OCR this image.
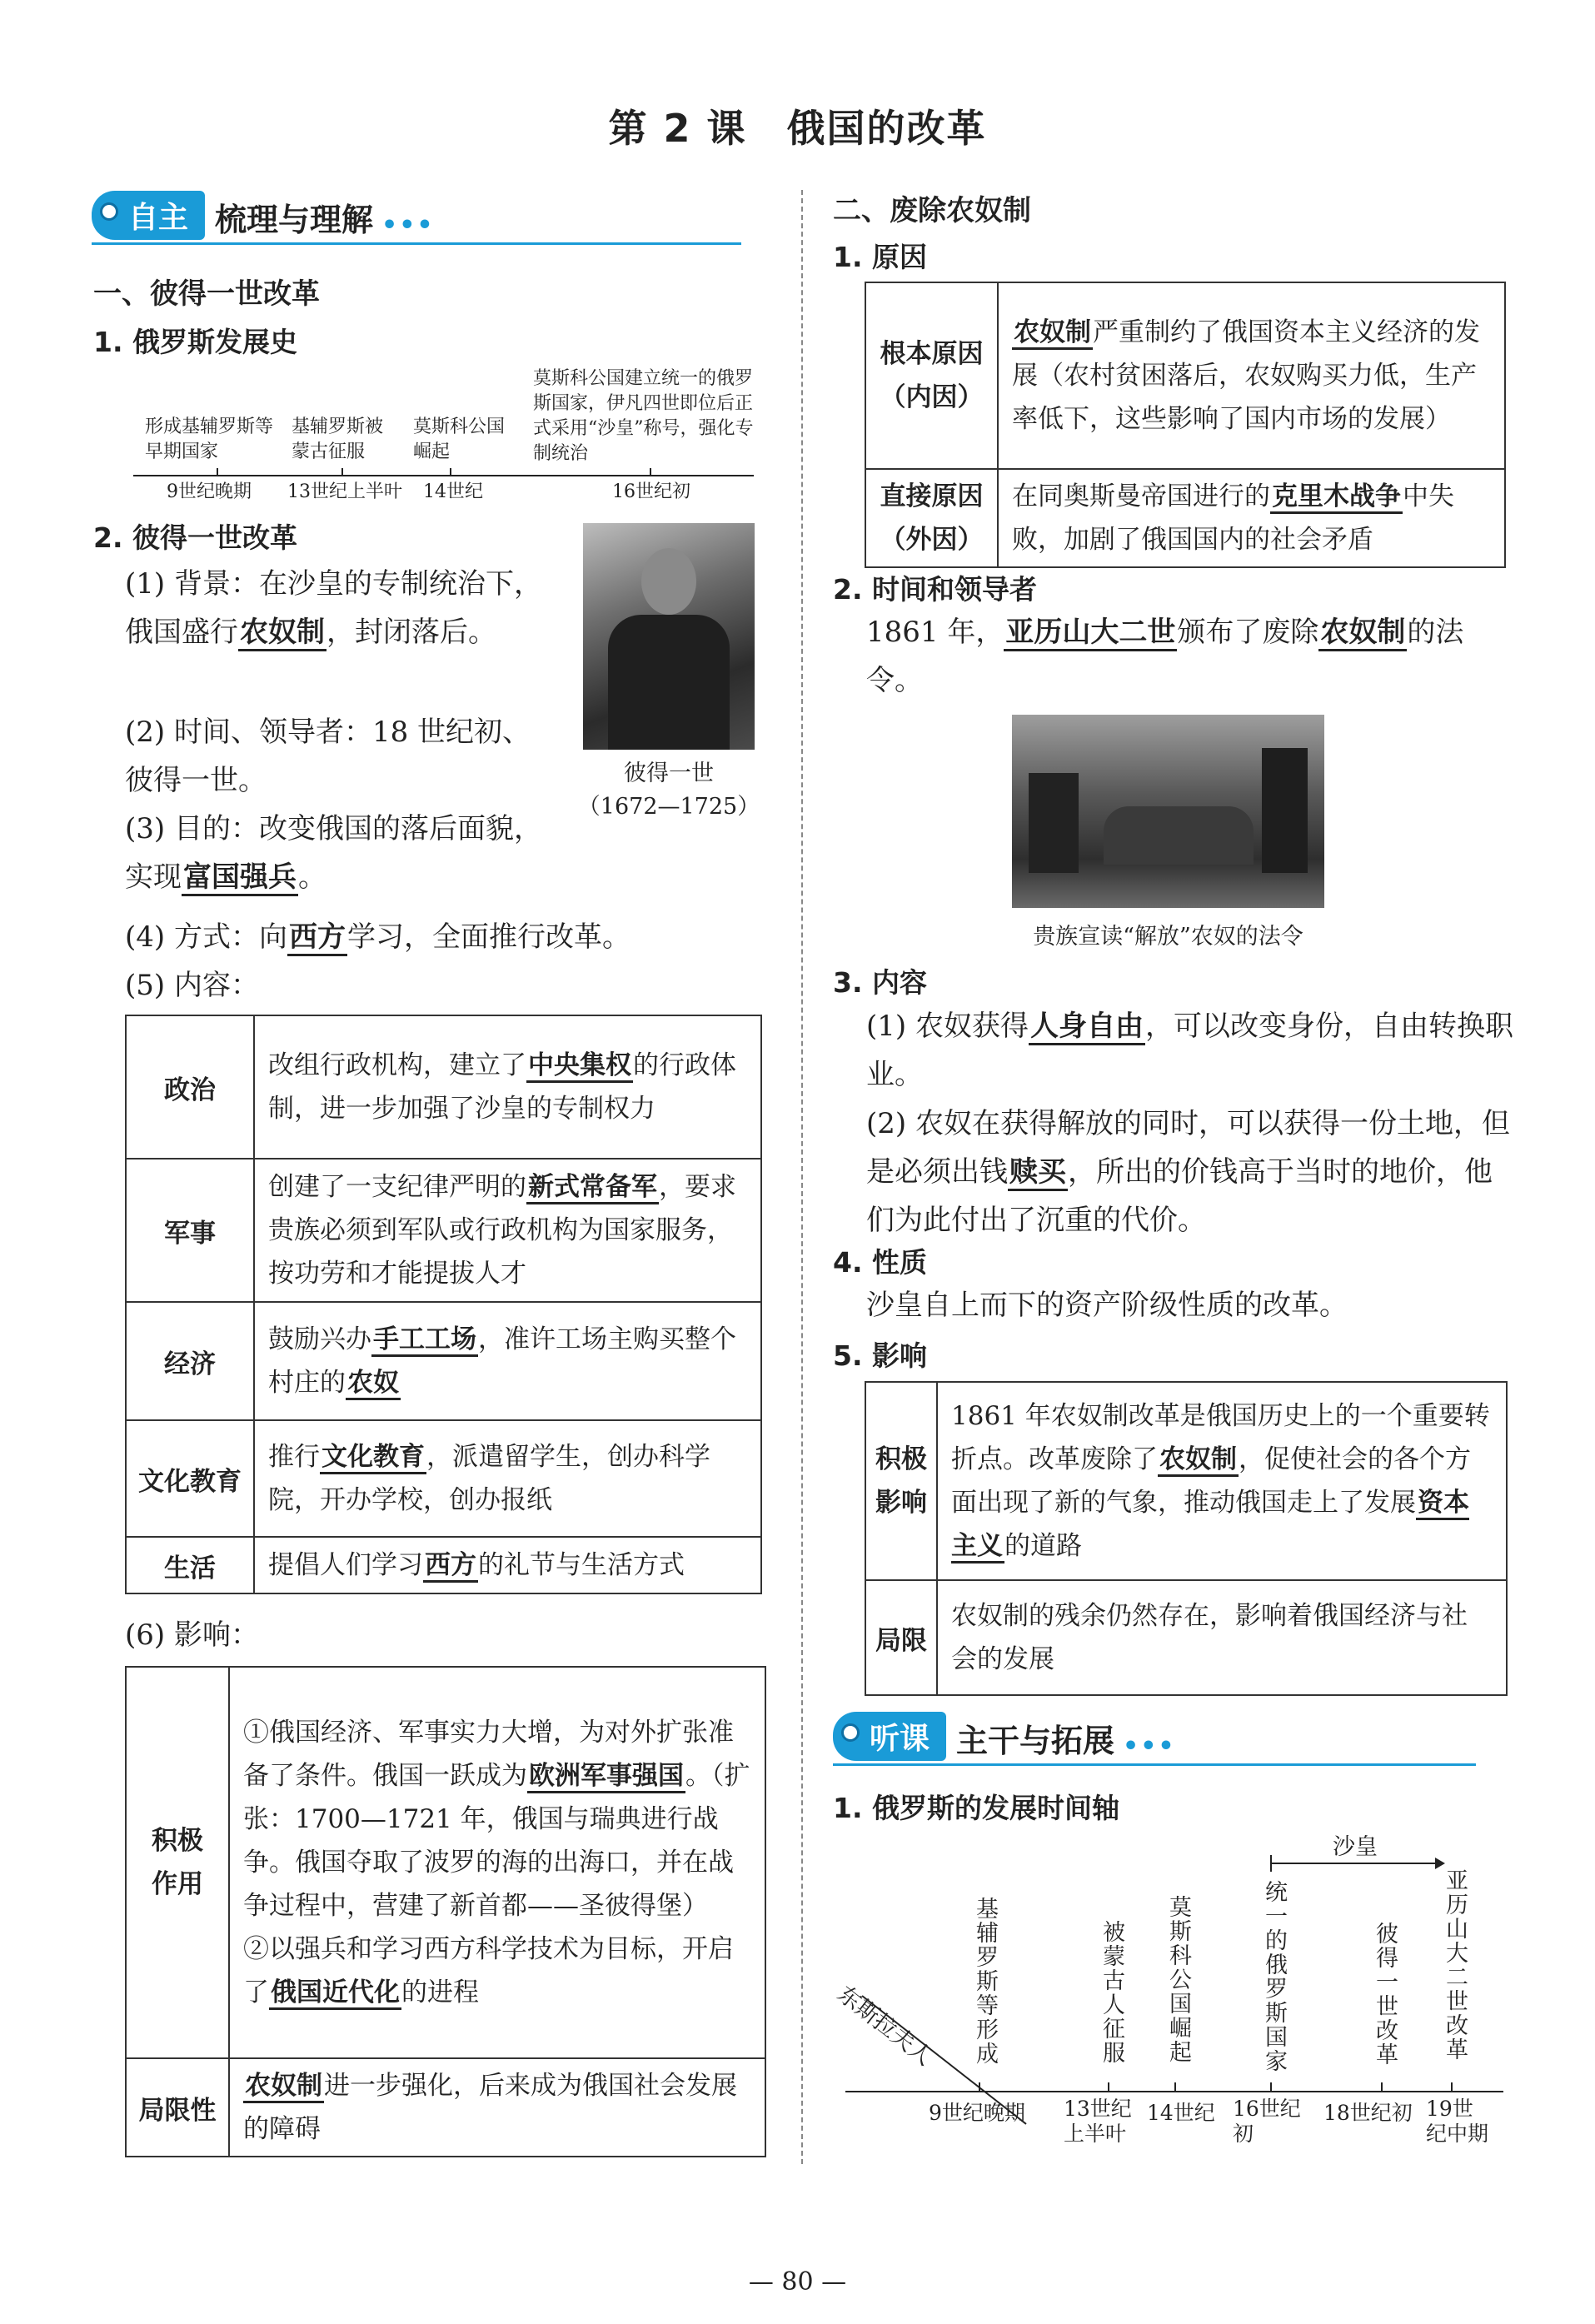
第 2 课　俄国的改革
自主 梳理与理解 •••
一、彼得一世改革
1. 俄罗斯发展史
形成基辅罗斯等早期国家
基辅罗斯被蒙古征服
莫斯科公国崛起
莫斯科公国建立统一的俄罗斯国家，伊凡四世即位后正式采用“沙皇”称号，强化专制统治
9世纪晚期 13世纪上半叶 14世纪	16世纪初
2. 彼得一世改革
(1) 背景：在沙皇的专制统治下，俄国盛行农奴制，封闭落后。
(2) 时间、领导者：18 世纪初、彼得一世。
(3) 目的：改变俄国的落后面貌，实现富国强兵。
(4) 方式：向西方学习，全面推行改革。
(5) 内容：
彼得一世
（1672—1725）
政治	改组行政机构，建立了中央集权的行政体制，进一步加强了沙皇的专制权力
军事	创建了一支纪律严明的新式常备军，要求贵族必须到军队或行政机构为国家服务，按功劳和才能提拔人才
经济	鼓励兴办手工工场，准许工场主购买整个村庄的农奴
文化教育	推行文化教育，派遣留学生，创办科学院，开办学校，创办报纸
生活	提倡人们学习西方的礼节与生活方式
(6) 影响：
积极作用	①俄国经济、军事实力大增，为对外扩张准备了条件。俄国一跃成为欧洲军事强国。（扩张：1700—1721 年，俄国与瑞典进行战争。俄国夺取了波罗的海的出海口，并在战争过程中，营建了新首都——圣彼得堡）
②以强兵和学习西方科学技术为目标，开启了俄国近代化的进程

局限性	农奴制进一步强化，后来成为俄国社会发展的障碍
二、废除农奴制
1. 原因
根本原因
（内因）	农奴制严重制约了俄国资本主义经济的发展（农村贫困落后，农奴购买力低，生产率低下，这些影响了国内市场的发展）

直接原因
（外因）	在同奥斯曼帝国进行的克里木战争中失败，加剧了俄国国内的社会矛盾
2. 时间和领导者
1861 年，亚历山大二世颁布了废除农奴制的法令。
贵族宣读“解放”农奴的法令
3. 内容
(1) 农奴获得人身自由，可以改变身份，自由转换职业。
(2) 农奴在获得解放的同时，可以获得一份土地，但是必须出钱赎买，所出的价钱高于当时的地价，他们为此付出了沉重的代价。
4. 性质
沙皇自上而下的资产阶级性质的改革。
5. 影响
积极
影响	1861 年农奴制改革是俄国历史上的一个重要转折点。改革废除了农奴制，促使社会的各个方面出现了新的气象，推动俄国走上了发展资本主义的道路
局限	农奴制的残余仍然存在，影响着俄国经济与社会的发展
听课 主干与拓展 •••
1. 俄罗斯的发展时间轴
沙皇
东斯拉夫人 基辅罗斯等形成	被蒙古人征服 莫斯科公国崛起	统一的俄罗斯国家	彼得一世改革 亚历山大二世改革
9世纪晚期 13世纪上半叶
14世纪 16世纪初
18世纪初 19世纪中期
— 80 —
